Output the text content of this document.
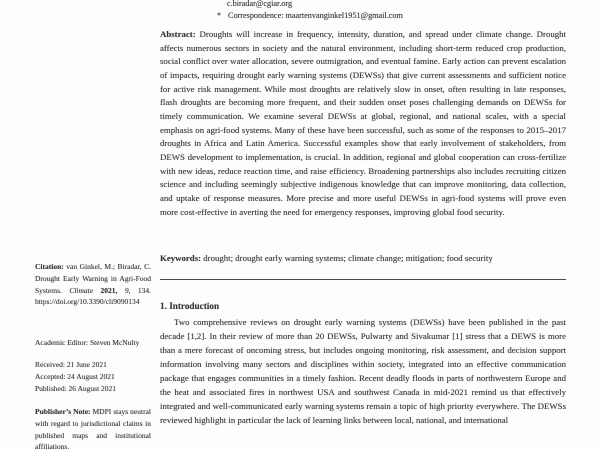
Citation: van Ginkel, M.; Biradar, C. Drought Early Warning in Agri-Food Systems. Climate 2021, 9, 134. https://doi.org/10.3390/cli9090134
Academic Editor: Steven McNulty
Received: 21 June 2021
Accepted: 24 August 2021
Published: 26 August 2021
Publisher’s Note: MDPI stays neutral with regard to jurisdictional claims in published maps and institutional affiliations.
c.biradar@cgiar.org
* Correspondence: maartenvanginkel1951@gmail.com

Abstract: Droughts will increase in frequency, intensity, duration, and spread under climate change. Drought affects numerous sectors in society and the natural environment, including short-term reduced crop production, social conflict over water allocation, severe outmigration, and eventual famine. Early action can prevent escalation of impacts, requiring drought early warning systems (DEWSs) that give current assessments and sufficient notice for active risk management. While most droughts are relatively slow in onset, often resulting in late responses, flash droughts are becoming more frequent, and their sudden onset poses challenging demands on DEWSs for timely communication. We examine several DEWSs at global, regional, and national scales, with a special emphasis on agri-food systems. Many of these have been successful, such as some of the responses to 2015–2017 droughts in Africa and Latin America. Successful examples show that early involvement of stakeholders, from DEWS development to implementation, is crucial. In addition, regional and global cooperation can cross-fertilize with new ideas, reduce reaction time, and raise efficiency. Broadening partnerships also includes recruiting citizen science and including seemingly subjective indigenous knowledge that can improve monitoring, data collection, and uptake of response measures. More precise and more useful DEWSs in agri-food systems will prove even more cost-effective in averting the need for emergency responses, improving global food security.

Keywords: drought; drought early warning systems; climate change; mitigation; food security
1. Introduction

Two comprehensive reviews on drought early warning systems (DEWSs) have been published in the past decade [1,2]. In their review of more than 20 DEWSs, Pulwarty and Sivakumar [1] stress that a DEWS is more than a mere forecast of oncoming stress, but includes ongoing monitoring, risk assessment, and decision support information involving many sectors and disciplines within society, integrated into an effective communication package that engages communities in a timely fashion. Recent deadly floods in parts of northwestern Europe and the heat and associated fires in northwest USA and southwest Canada in mid-2021 remind us that effectively integrated and well-communicated early warning systems remain a topic of high priority everywhere. The DEWSs reviewed highlight in particular the lack of learning links between local, national, and international
